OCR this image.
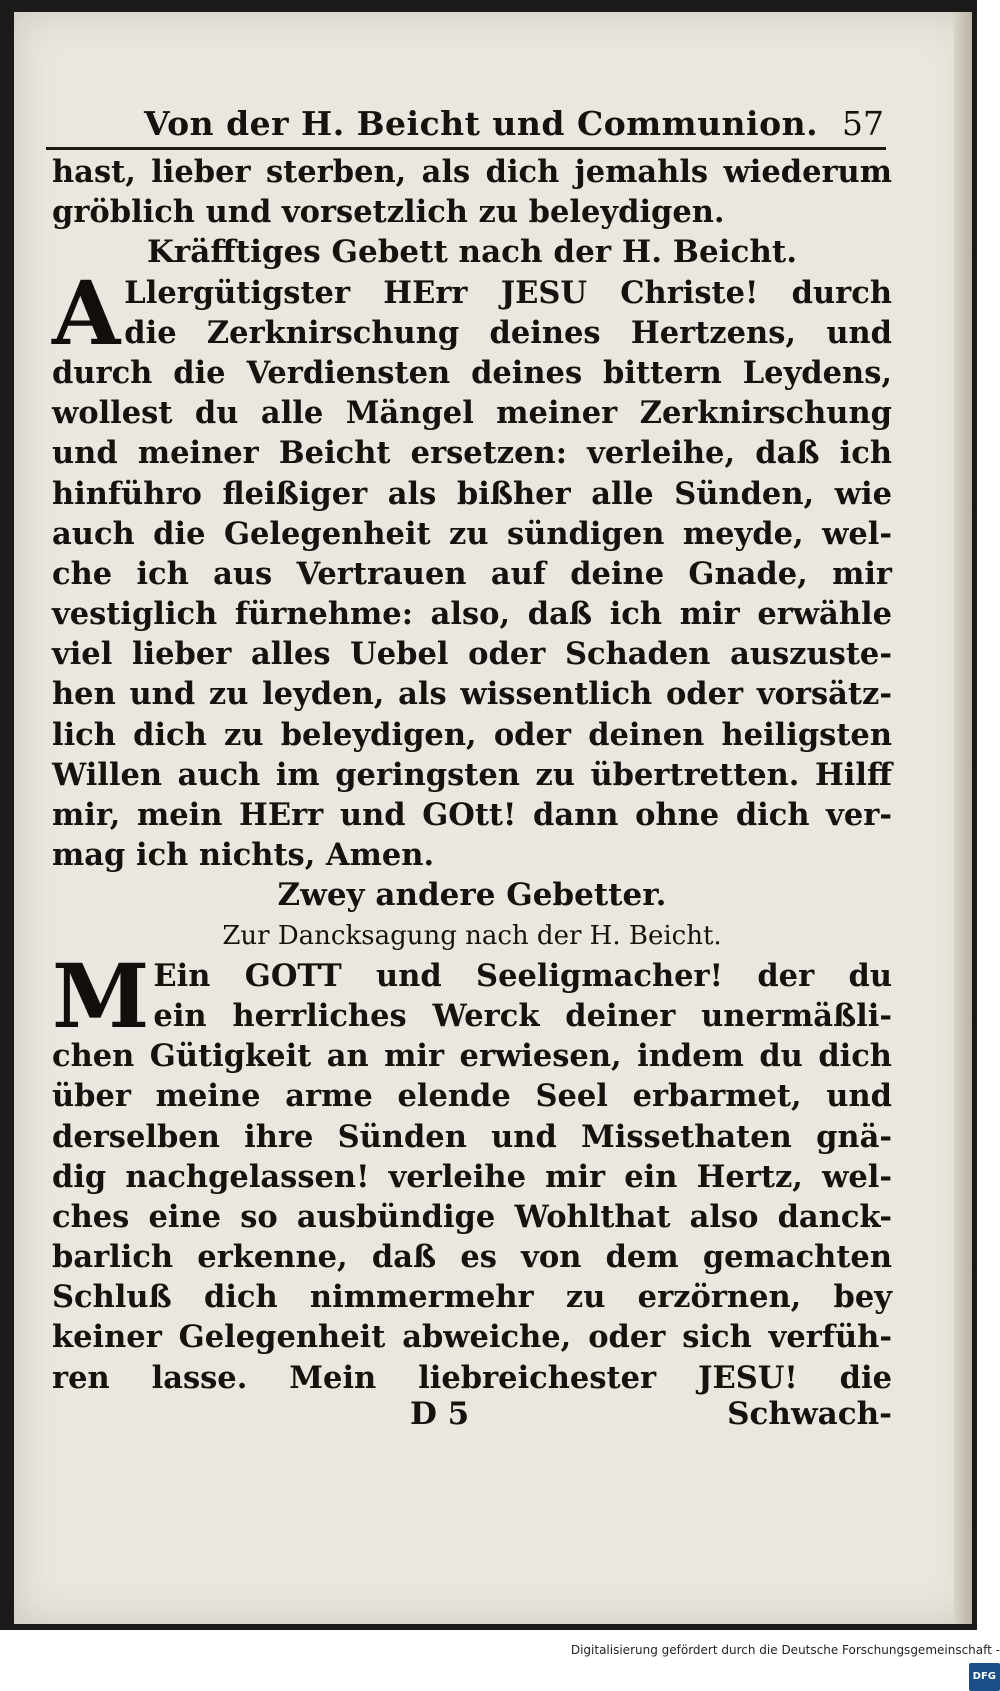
Von der H. Beicht und Communion. 57
hast, lieber sterben, als dich jemahls wiederum
gröblich und vorsetzlich zu beleydigen.
Kräfftiges Gebett nach der H. Beicht.
A Llergütigster HErr JESU Christe! durch
die Zerknirschung deines Hertzens, und
durch die Verdiensten deines bittern Leydens,
wollest du alle Mängel meiner Zerknirschung
und meiner Beicht ersetzen: verleihe, daß ich
hinführo fleißiger als bißher alle Sünden, wie
auch die Gelegenheit zu sündigen meyde, wel-
che ich aus Vertrauen auf deine Gnade, mir
vestiglich fürnehme: also, daß ich mir erwähle
viel lieber alles Uebel oder Schaden auszuste-
hen und zu leyden, als wissentlich oder vorsätz-
lich dich zu beleydigen, oder deinen heiligsten
Willen auch im geringsten zu übertretten. Hilff
mir, mein HErr und GOtt! dann ohne dich ver-
mag ich nichts, Amen.
Zwey andere Gebetter.
Zur Dancksagung nach der H. Beicht.
M Ein GOTT und Seeligmacher! der du
ein herrliches Werck deiner unermäßli-
chen Gütigkeit an mir erwiesen, indem du dich
über meine arme elende Seel erbarmet, und
derselben ihre Sünden und Missethaten gnä-
dig nachgelassen! verleihe mir ein Hertz, wel-
ches eine so ausbündige Wohlthat also danck-
barlich erkenne, daß es von dem gemachten
Schluß dich nimmermehr zu erzörnen, bey
keiner Gelegenheit abweiche, oder sich verfüh-
ren lasse. Mein liebreichester JESU! die
D 5	Schwach-
Digitalisierung gefördert durch die Deutsche Forschungsgemeinschaft -DFG
